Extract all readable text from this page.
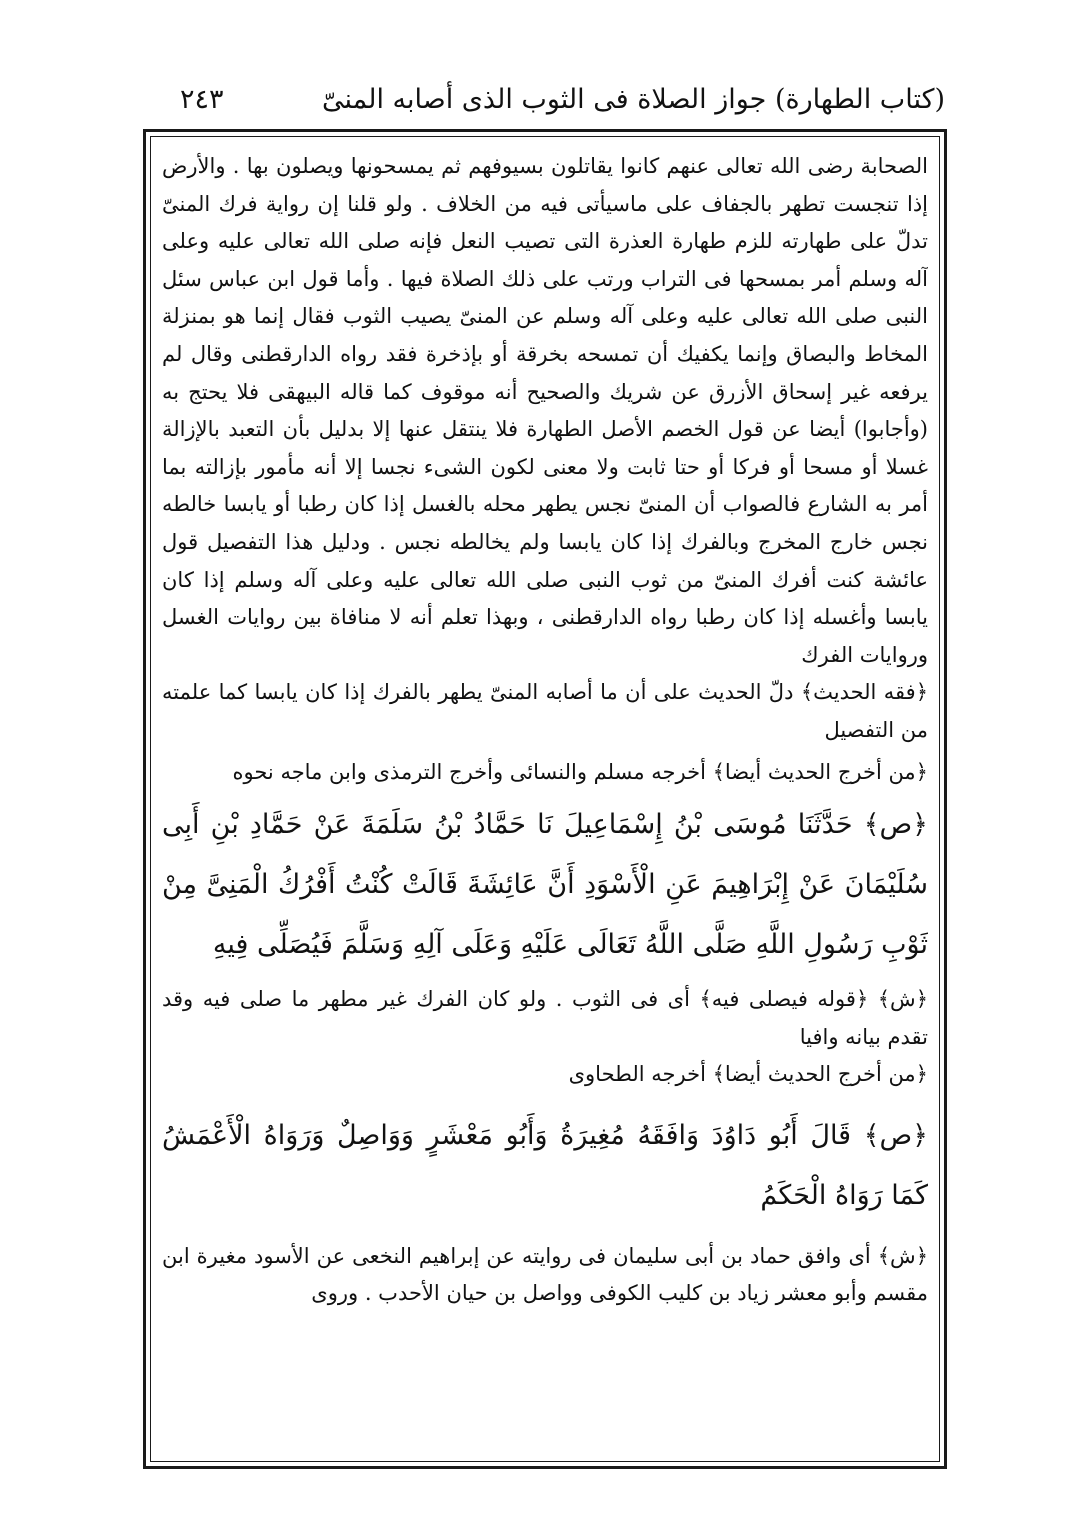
(كتاب الطهارة) جواز الصلاة فى الثوب الذى أصابه المنىّ
٢٤٣

الصحابة رضى الله تعالى عنهم كانوا يقاتلون بسيوفهم ثم يمسحونها ويصلون بها . والأرض إذا تنجست تطهر بالجفاف على ماسيأتى فيه من الخلاف . ولو قلنا إن رواية فرك المنىّ تدلّ على طهارته للزم طهارة العذرة التى تصيب النعل فإنه صلى الله تعالى عليه وعلى آله وسلم أمر بمسحها فى التراب ورتب على ذلك الصلاة فيها . وأما قول ابن عباس سئل النبى صلى الله تعالى عليه وعلى آله وسلم عن المنىّ يصيب الثوب فقال إنما هو بمنزلة المخاط والبصاق وإنما يكفيك أن تمسحه بخرقة أو بإذخرة فقد رواه الدارقطنى وقال لم يرفعه غير إسحاق الأزرق عن شريك والصحيح أنه موقوف كما قاله البيهقى فلا يحتج به (وأجابوا) أيضا عن قول الخصم الأصل الطهارة فلا ينتقل عنها إلا بدليل بأن التعبد بالإزالة غسلا أو مسحا أو فركا أو حتا ثابت ولا معنى لكون الشىء نجسا إلا أنه مأمور بإزالته بما أمر به الشارع فالصواب أن المنىّ نجس يطهر محله بالغسل إذا كان رطبا أو يابسا خالطه نجس خارج المخرج وبالفرك إذا كان يابسا ولم يخالطه نجس . ودليل هذا التفصيل قول عائشة كنت أفرك المنىّ من ثوب النبى صلى الله تعالى عليه وعلى آله وسلم إذا كان يابسا وأغسله إذا كان رطبا رواه الدارقطنى ، وبهذا تعلم أنه لا منافاة بين روايات الغسل وروايات الفرك

﴿فقه الحديث﴾ دلّ الحديث على أن ما أصابه المنىّ يطهر بالفرك إذا كان يابسا كما علمته من التفصيل

﴿من أخرج الحديث أيضا﴾ أخرجه مسلم والنسائى وأخرج الترمذى وابن ماجه نحوه

﴿ص﴾ حَدَّثَنَا مُوسَى بْنُ إِسْمَاعِيلَ نَا حَمَّادُ بْنُ سَلَمَةَ عَنْ حَمَّادِ بْنِ أَبِى سُلَيْمَانَ عَنْ إِبْرَاهِيمَ عَنِ الْأَسْوَدِ أَنَّ عَائِشَةَ قَالَتْ كُنْتُ أَفْرُكُ الْمَنِىَّ مِنْ ثَوْبِ رَسُولِ اللَّهِ صَلَّى اللَّهُ تَعَالَى عَلَيْهِ وَعَلَى آلِهِ وَسَلَّمَ فَيُصَلِّى فِيهِ

﴿ش﴾ ﴿قوله فيصلى فيه﴾ أى فى الثوب . ولو كان الفرك غير مطهر ما صلى فيه وقد تقدم بيانه وافيا

﴿من أخرج الحديث أيضا﴾ أخرجه الطحاوى

﴿ص﴾ قَالَ أَبُو دَاوُدَ وَافَقَهُ مُغِيرَةُ وَأَبُو مَعْشَرٍ وَوَاصِلٌ وَرَوَاهُ الْأَعْمَشُ كَمَا رَوَاهُ الْحَكَمُ

﴿ش﴾ أى وافق حماد بن أبى سليمان فى روايته عن إبراهيم النخعى عن الأسود مغيرة ابن مقسم وأبو معشر زياد بن كليب الكوفى وواصل بن حيان الأحدب . وروى
